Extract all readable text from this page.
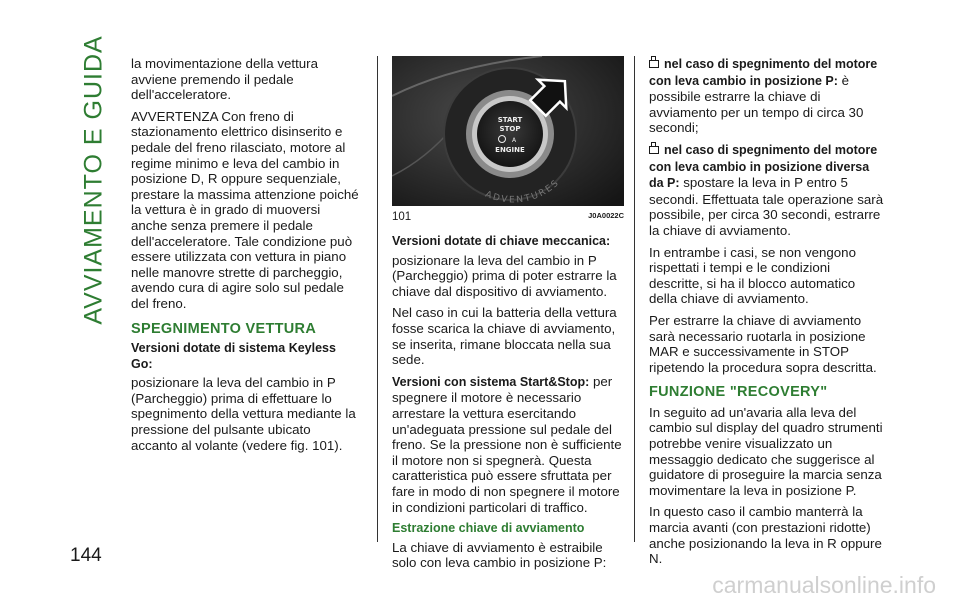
AVVIAMENTO E GUIDA
144

la movimentazione della vettura avviene premendo il pedale dell'acceleratore.

AVVERTENZA Con freno di stazionamento elettrico disinserito e pedale del freno rilasciato, motore al regime minimo e leva del cambio in posizione D, R oppure sequenziale, prestare la massima attenzione poiché la vettura è in grado di muoversi anche senza premere il pedale dell'acceleratore. Tale condizione può essere utilizzata con vettura in piano nelle manovre strette di parcheggio, avendo cura di agire solo sul pedale del freno.

SPEGNIMENTO VETTURA
Versioni dotate di sistema Keyless Go:

posizionare la leva del cambio in P (Parcheggio) prima di effettuare lo spegnimento della vettura mediante la pressione del pulsante ubicato accanto al volante (vedere fig. 101).

ADVENTURES
START
STOP
A
ENGINE
101	J0A0022C
Versioni dotate di chiave meccanica:

posizionare la leva del cambio in P (Parcheggio) prima di poter estrarre la chiave dal dispositivo di avviamento.

Nel caso in cui la batteria della vettura fosse scarica la chiave di avviamento, se inserita, rimane bloccata nella sua sede.

Versioni con sistema Start&Stop: per spegnere il motore è necessario arrestare la vettura esercitando un'adeguata pressione sul pedale del freno. Se la pressione non è sufficiente il motore non si spegnerà. Questa caratteristica può essere sfruttata per fare in modo di non spegnere il motore in condizioni particolari di traffico.

Estrazione chiave di avviamento

La chiave di avviamento è estraibile solo con leva cambio in posizione P:

nel caso di spegnimento del motore con leva cambio in posizione P: è possibile estrarre la chiave di avviamento per un tempo di circa 30 secondi;

nel caso di spegnimento del motore con leva cambio in posizione diversa da P: spostare la leva in P entro 5 secondi. Effettuata tale operazione sarà possibile, per circa 30 secondi, estrarre la chiave di avviamento.

In entrambe i casi, se non vengono rispettati i tempi e le condizioni descritte, si ha il blocco automatico della chiave di avviamento.

Per estrarre la chiave di avviamento sarà necessario ruotarla in posizione MAR e successivamente in STOP ripetendo la procedura sopra descritta.

FUNZIONE "RECOVERY"

In seguito ad un'avaria alla leva del cambio sul display del quadro strumenti potrebbe venire visualizzato un messaggio dedicato che suggerisce al guidatore di proseguire la marcia senza movimentare la leva in posizione P.

In questo caso il cambio manterrà la marcia avanti (con prestazioni ridotte) anche posizionando la leva in R oppure N.

carmanualsonline.info
